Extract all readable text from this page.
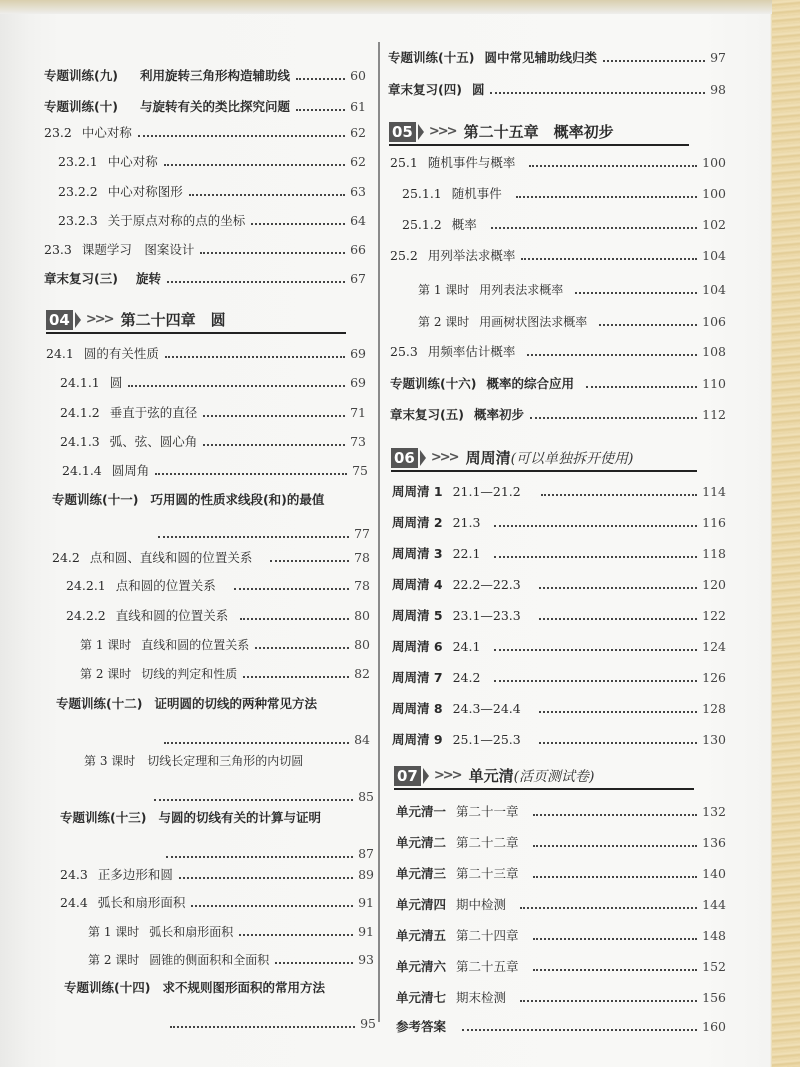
专题训练(九) 利用旋转三角形构造辅助线	60
专题训练(十) 与旋转有关的类比探究问题	61
23.2 中心对称	62
23.2.1 中心对称	62
23.2.2 中心对称图形	63
23.2.3 关于原点对称的点的坐标	64
23.3 课题学习　图案设计	66
章末复习(三) 旋转	67
04 >>> 第二十四章　圆
24.1 圆的有关性质	69
24.1.1 圆	69
24.1.2 垂直于弦的直径	71
24.1.3 弧、弦、圆心角	73
24.1.4 圆周角	75
专题训练(十一) 巧用圆的性质求线段(和)的最值
77
24.2 点和圆、直线和圆的位置关系	78
24.2.1 点和圆的位置关系	78
24.2.2 直线和圆的位置关系	80
第 1 课时 直线和圆的位置关系	80
第 2 课时 切线的判定和性质	82
专题训练(十二) 证明圆的切线的两种常见方法
84
第 3 课时 切线长定理和三角形的内切圆
85
专题训练(十三) 与圆的切线有关的计算与证明
87
24.3 正多边形和圆	89
24.4 弧长和扇形面积	91
第 1 课时 弧长和扇形面积	91
第 2 课时 圆锥的侧面积和全面积	93
专题训练(十四) 求不规则图形面积的常用方法
95
专题训练(十五) 圆中常见辅助线归类	97
章末复习(四) 圆	98
05 >>> 第二十五章　概率初步
25.1 随机事件与概率	100
25.1.1 随机事件	100
25.1.2 概率	102
25.2 用列举法求概率	104
第 1 课时 用列表法求概率	104
第 2 课时 用画树状图法求概率	106
25.3 用频率估计概率	108
专题训练(十六) 概率的综合应用	110
章末复习(五) 概率初步	112
06 >>> 周周清 (可以单独拆开使用)
周周清 1 21.1—21.2	114
周周清 2 21.3	116
周周清 3 22.1	118
周周清 4 22.2—22.3	120
周周清 5 23.1—23.3	122
周周清 6 24.1	124
周周清 7 24.2	126
周周清 8 24.3—24.4	128
周周清 9 25.1—25.3	130
07 >>> 单元清 (活页测试卷)
单元清一 第二十一章	132
单元清二 第二十二章	136
单元清三 第二十三章	140
单元清四 期中检测	144
单元清五 第二十四章	148
单元清六 第二十五章	152
单元清七 期末检测	156
参考答案	160
